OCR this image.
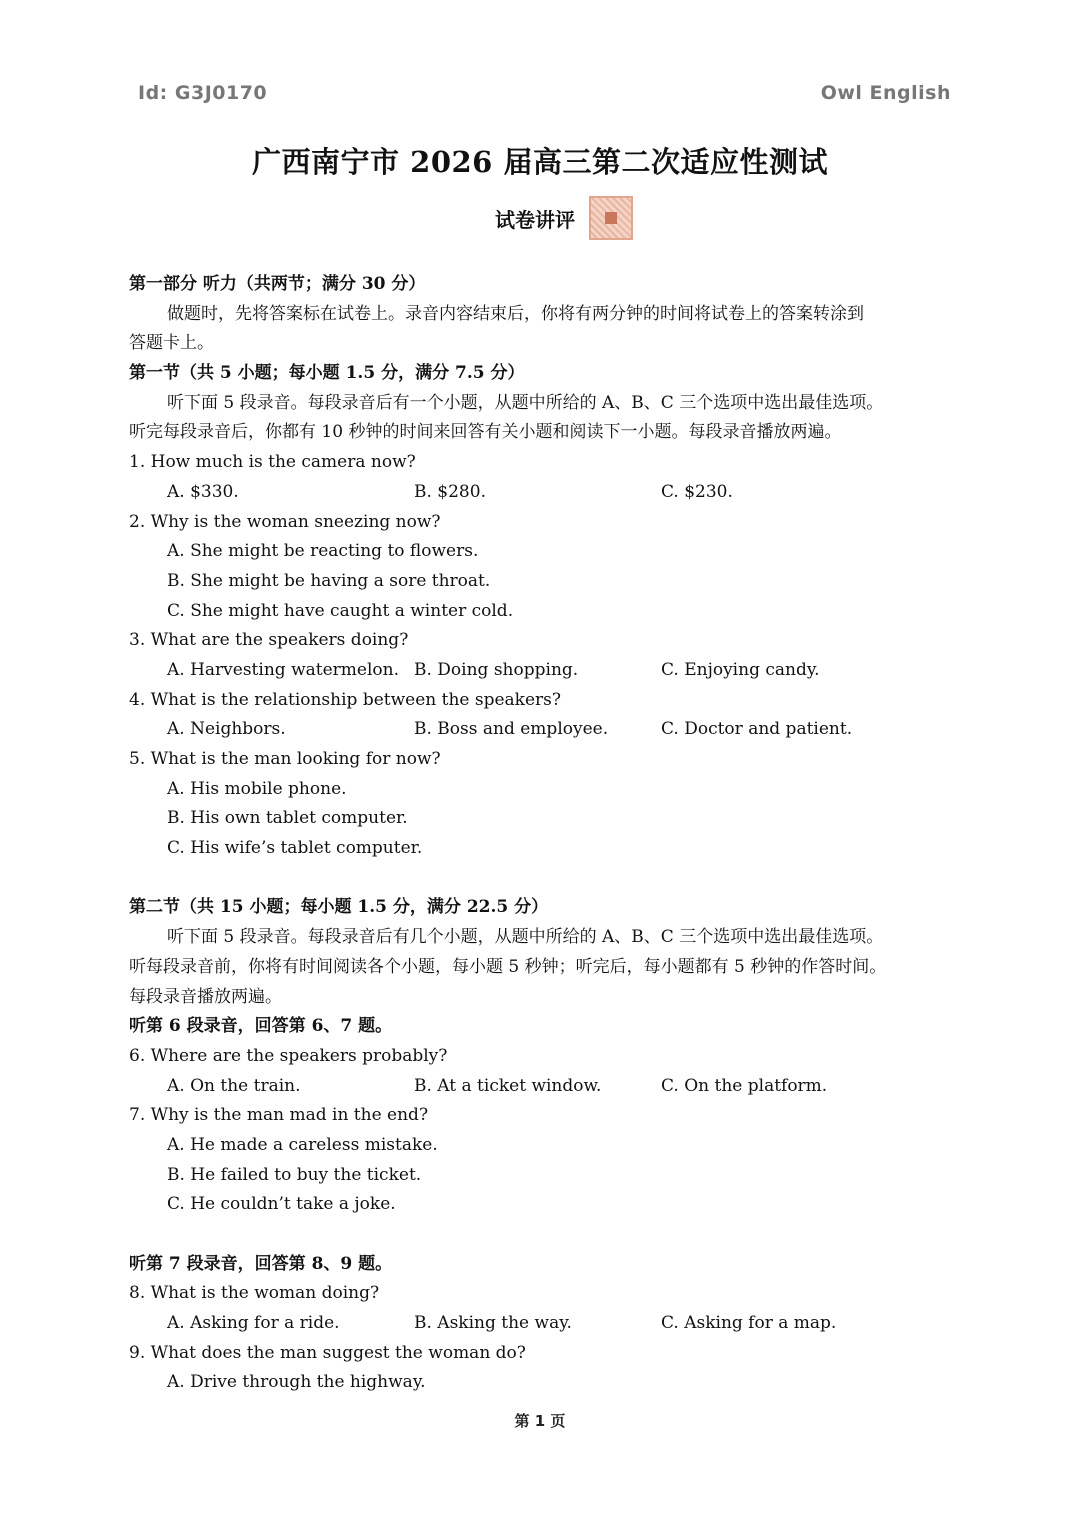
Id: G3J0170	Owl English
广西南宁市 2026 届高三第二次适应性测试
试卷讲评
第一部分 听力（共两节；满分 30 分）
做题时，先将答案标在试卷上。录音内容结束后，你将有两分钟的时间将试卷上的答案转涂到
答题卡上。
第一节（共 5 小题；每小题 1.5 分，满分 7.5 分）
听下面 5 段录音。每段录音后有一个小题，从题中所给的 A、B、C 三个选项中选出最佳选项。
听完每段录音后，你都有 10 秒钟的时间来回答有关小题和阅读下一小题。每段录音播放两遍。
1. How much is the camera now?
A. $330.	B. $280.	C. $230.
2. Why is the woman sneezing now?
A. She might be reacting to flowers.
B. She might be having a sore throat.
C. She might have caught a winter cold.
3. What are the speakers doing?
A. Harvesting watermelon. B. Doing shopping.	C. Enjoying candy.
4. What is the relationship between the speakers?
A. Neighbors.	B. Boss and employee.	C. Doctor and patient.
5. What is the man looking for now?
A. His mobile phone.
B. His own tablet computer.
C. His wife’s tablet computer.
第二节（共 15 小题；每小题 1.5 分，满分 22.5 分）
听下面 5 段录音。每段录音后有几个小题，从题中所给的 A、B、C 三个选项中选出最佳选项。
听每段录音前，你将有时间阅读各个小题，每小题 5 秒钟；听完后，每小题都有 5 秒钟的作答时间。
每段录音播放两遍。
听第 6 段录音，回答第 6、7 题。
6. Where are the speakers probably?
A. On the train.	B. At a ticket window.	C. On the platform.
7. Why is the man mad in the end?
A. He made a careless mistake.
B. He failed to buy the ticket.
C. He couldn’t take a joke.
听第 7 段录音，回答第 8、9 题。
8. What is the woman doing?
A. Asking for a ride.	B. Asking the way.	C. Asking for a map.
9. What does the man suggest the woman do?
A. Drive through the highway.
第 1 页
